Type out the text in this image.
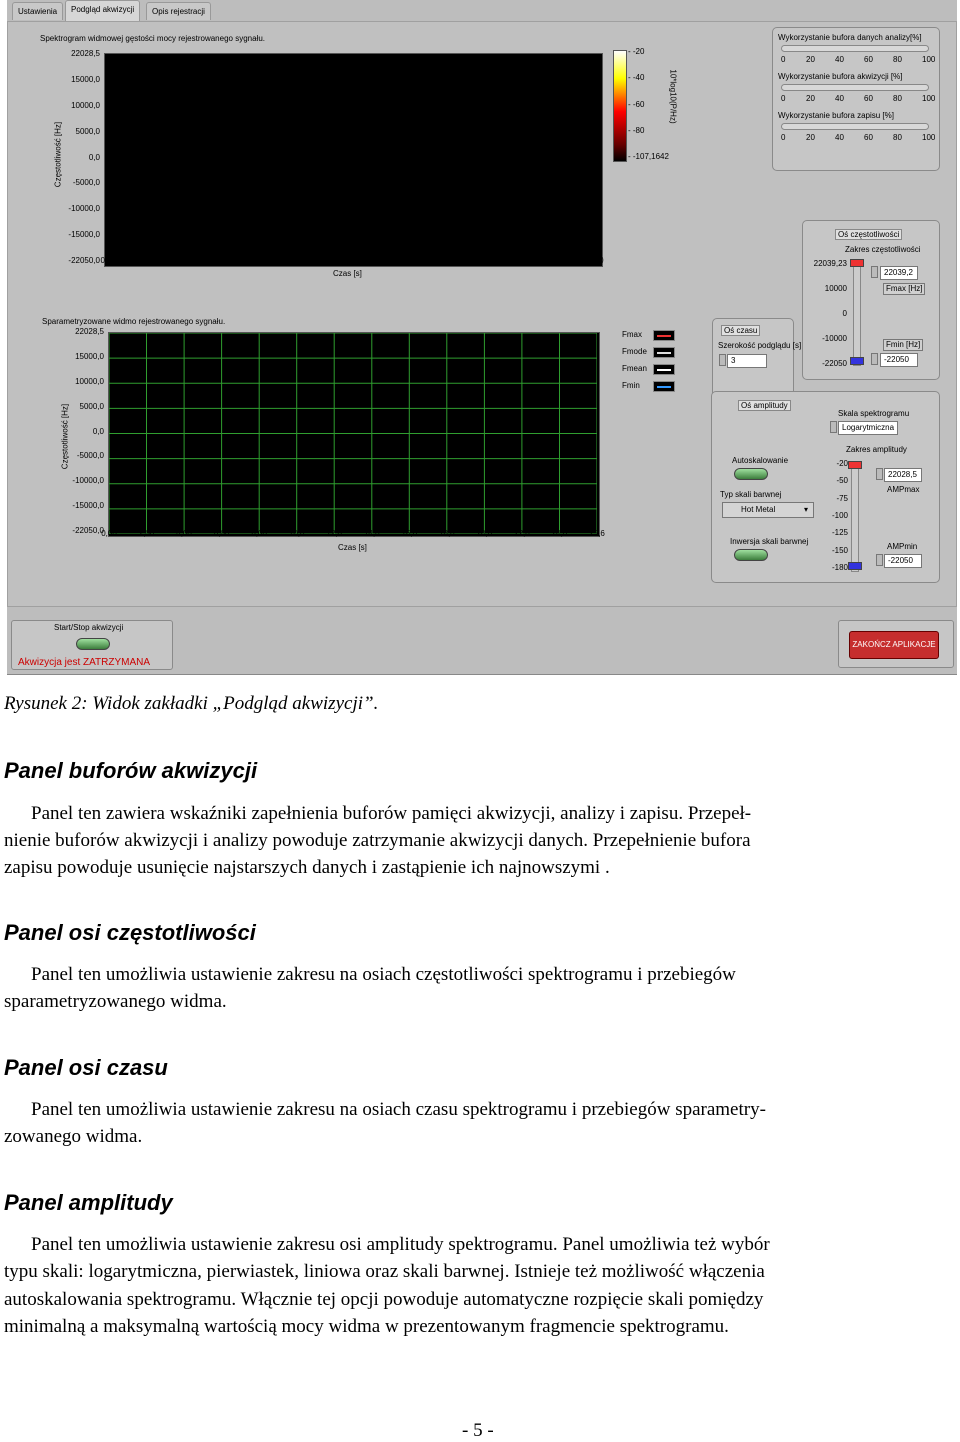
Ustawienia	Podgląd akwizycji	Opis rejestracji
Spektrogram widmowej gęstości mocy rejestrowanego sygnału.
Częstotliwość [Hz]
22028,5
15000,0
10000,0
5000,0
0,0
-5000,0
-10000,0
-15000,0
-22050,0 0,0 0,2 0,4 0,6 0,8 1,0 1,2 1,4 1,6 1,8 2,0 2,2 2,4 2,6 2,8 3,0 3,2 3,4 3,6 3,8 4,0 4,2 4,4 4,6 4,8 5,0
Czas [s]
- -20
- -40
- -60
- -80
- -107,1642
10*log10(P/Hz)
Sparametryzowane widmo rejestrowanego sygnału.
Częstotliwość [Hz]
22028,5
15000,0
10000,0
5000,0
0,0
-5000,0
-10000,0
-15000,0
-22050,0
0,00	2,00	4,00	6,00	8,00	10,0	12,0	14,0	16,0	18,0	20,0	22,0	24,0	25,6
Czas [s]
Fmax
Fmode
Fmean
Fmin
Wykorzystanie bufora danych analizy[%]
0	20	40	60	80	100
Wykorzystanie bufora akwizycji [%]
0	20	40	60	80	100
Wykorzystanie bufora zapisu [%]
0	20	40	60	80	100
Oś częstotliwości
Zakres częstotliwości
22039,23
10000
0
-10000
-22050
22039,2
Fmax [Hz]
Fmin [Hz]
-22050
Oś czasu
Szerokość podglądu [s]
3
Oś amplitudy
Skala spektrogramu
Logarytmiczna
Zakres amplitudy
-20
-50
-75
-100
-125
-150
-180
22028,5
AMPmax
AMPmin
-22050
Autoskalowanie
Typ skali barwnej
Hot Metal	▾
Inwersja skali barwnej
Start/Stop akwizycji
Akwizycja jest ZATRZYMANA
ZAKOŃCZ APLIKACJE
Rysunek 2: Widok zakładki „Podgląd akwizycji”.
Panel buforów akwizycji
Panel ten zawiera wskaźniki zapełnienia buforów pamięci akwizycji, analizy i zapisu. Przepeł-
nienie buforów akwizycji i analizy powoduje zatrzymanie akwizycji danych. Przepełnienie bufora
zapisu powoduje usunięcie najstarszych danych i zastąpienie ich najnowszymi .
Panel osi częstotliwości
Panel ten umożliwia ustawienie zakresu na osiach częstotliwości spektrogramu i przebiegów
sparametryzowanego widma.
Panel osi czasu
Panel ten umożliwia ustawienie zakresu na osiach czasu spektrogramu i przebiegów sparametry-
zowanego widma.
Panel amplitudy
Panel ten umożliwia ustawienie zakresu osi amplitudy spektrogramu. Panel umożliwia też wybór
typu skali: logarytmiczna, pierwiastek, liniowa oraz skali barwnej. Istnieje też możliwość włączenia
autoskalowania spektrogramu. Włącznie tej opcji powoduje automatyczne rozpięcie skali pomiędzy
minimalną a maksymalną wartością mocy widma w prezentowanym fragmencie spektrogramu.
- 5 -
